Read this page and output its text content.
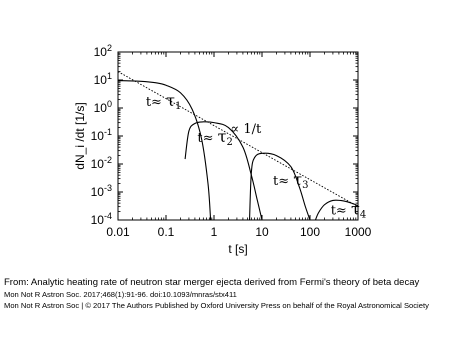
0.01 0.1	1	10	100 1000
$10^{-4}$
$10^{-3}$
$10^{-2}$
$10^{-1}$
$10^0$
$10^1$
$10^2$
$t\approx \tau_1$
$t\approx \tau_2$
$t\approx \tau_3$
$t\approx \tau_4$
∝ 1/t
t [s]
dN_i /dt [1/s]
From: Analytic heating rate of neutron star merger ejecta derived from Fermi's theory of beta decay
Mon Not R Astron Soc. 2017;468(1):91-96. doi:10.1093/mnras/stx411
Mon Not R Astron Soc | © 2017 The Authors Published by Oxford University Press on behalf of the Royal Astronomical Society
